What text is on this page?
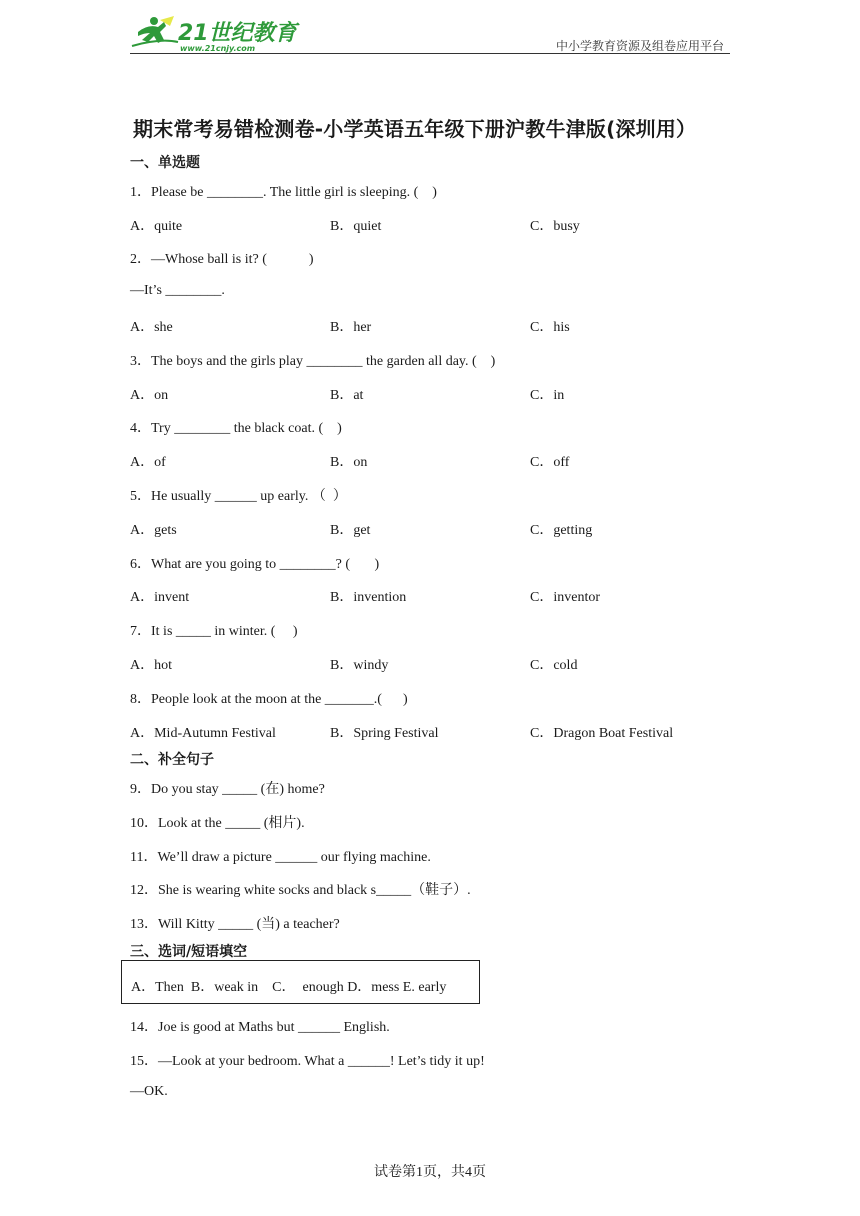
21世纪教育
www.21cnjy.com	中小学教育资源及组卷应用平台
期末常考易错检测卷-小学英语五年级下册沪教牛津版(深圳用）
一、单选题
1．Please be ________. The little girl is sleeping. (    )
A．quite	B．quiet	C．busy
2．—Whose ball is it? (            )
—It’s ________.
A．she	B．her	C．his
3．The boys and the girls play ________ the garden all day. (    )
A．on	B．at	C．in
4．Try ________ the black coat. (    )
A．of	B．on	C．off
5．He usually ______ up early. （  ）
A．gets	B．get	C．getting
6．What are you going to ________? (       )
A．invent	B．invention	C．inventor
7．It is _____ in winter. (     )
A．hot	B．windy	C．cold
8．People look at the moon at the _______.(      )
A．Mid-Autumn Festival	B．Spring Festival	C．Dragon Boat Festival
二、补全句子
9．Do you stay _____ (在) home?
10．Look at the _____ (相片).
11．We’ll draw a picture ______ our flying machine.
12．She is wearing white socks and black s_____（鞋子）.
13．Will Kitty _____ (当) a teacher?
三、选词/短语填空
A．Then  B．weak in    C．  enough D．mess E. early
14．Joe is good at Maths but ______ English.
15．—Look at your bedroom. What a ______! Let’s tidy it up!
—OK.
试卷第1页，共4页
